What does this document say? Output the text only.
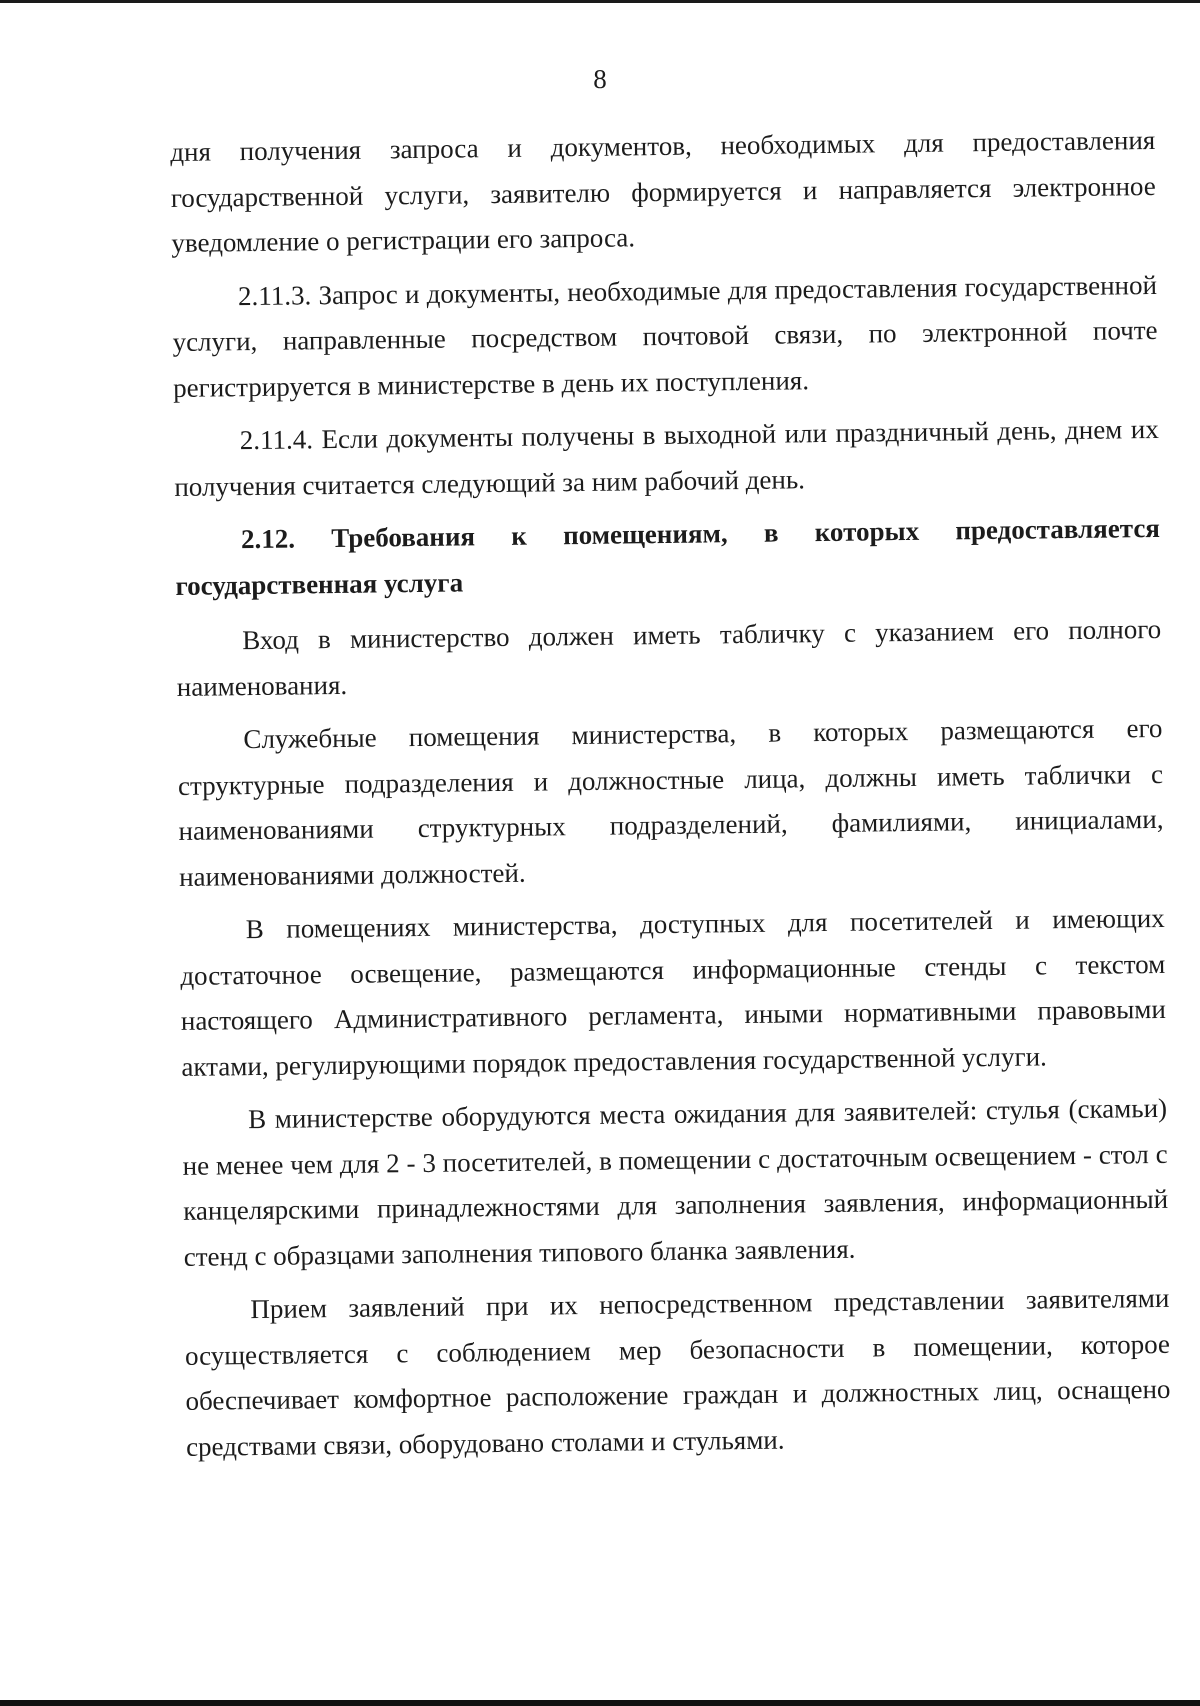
8

дня получения запроса и документов, необходимых для предоставления государственной услуги, заявителю формируется и направляется электронное уведомление о регистрации его запроса.

2.11.3. Запрос и документы, необходимые для предоставления государственной услуги, направленные посредством почтовой связи, по электронной почте регистрируется в министерстве в день их поступления.

2.11.4. Если документы получены в выходной или праздничный день, днем их получения считается следующий за ним рабочий день.

2.12. Требования к помещениям, в которых предоставляется государственная услуга

Вход в министерство должен иметь табличку с указанием его полного наименования.

Служебные помещения министерства, в которых размещаются его структурные подразделения и должностные лица, должны иметь таблички с наименованиями структурных подразделений, фамилиями, инициалами, наименованиями должностей.

В помещениях министерства, доступных для посетителей и имеющих достаточное освещение, размещаются информационные стенды с текстом настоящего Административного регламента, иными нормативными правовыми актами, регулирующими порядок предоставления государственной услуги.

В министерстве оборудуются места ожидания для заявителей: стулья (скамьи) не менее чем для 2 - 3 посетителей, в помещении с достаточным освещением - стол с канцелярскими принадлежностями для заполнения заявления, информационный стенд с образцами заполнения типового бланка заявления.

Прием заявлений при их непосредственном представлении заявителями осуществляется с соблюдением мер безопасности в помещении, которое обеспечивает комфортное расположение граждан и должностных лиц, оснащено средствами связи, оборудовано столами и стульями.
